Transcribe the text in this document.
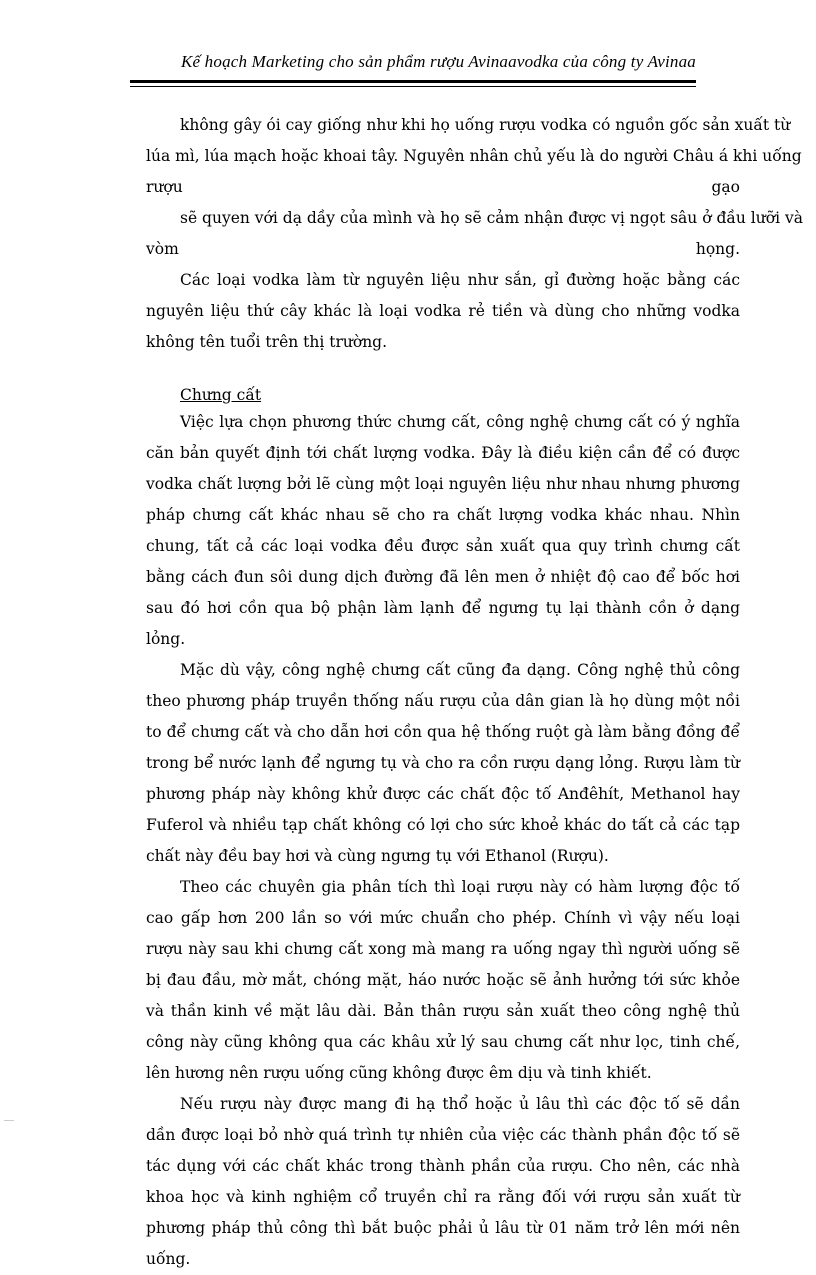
Kế hoạch Marketing cho sản phẩm rượu Avinaavodka của công ty Avinaa
không gây ói cay giống như khi họ uống rượu vodka có nguồn gốc sản xuất từ
lúa mì, lúa mạch hoặc khoai tây. Nguyên nhân chủ yếu là do người Châu á khi uống
rượu	gạo
sẽ quyen với dạ dầy của mình và họ sẽ cảm nhận được vị ngọt sâu ở đầu lưỡi và
vòm	họng.

Các loại vodka làm từ nguyên liệu như sắn, gỉ đường hoặc bằng các nguyên liệu thứ cây khác là loại vodka rẻ tiền và dùng cho những vodka không tên tuổi trên thị trường.

Chưng cất

Việc lựa chọn phương thức chưng cất, công nghệ chưng cất có ý nghĩa căn bản quyết định tới chất lượng vodka. Đây là điều kiện cần để có được vodka chất lượng bởi lẽ cùng một loại nguyên liệu như nhau nhưng phương pháp chưng cất khác nhau sẽ cho ra chất lượng vodka khác nhau. Nhìn chung, tất cả các loại vodka đều được sản xuất qua quy trình chưng cất bằng cách đun sôi dung dịch đường đã lên men ở nhiệt độ cao để bốc hơi sau đó hơi cồn qua bộ phận làm lạnh để ngưng tụ lại thành cồn ở dạng lỏng.

Mặc dù vậy, công nghệ chưng cất cũng đa dạng. Công nghệ thủ công theo phương pháp truyền thống nấu rượu của dân gian là họ dùng một nồi to để chưng cất và cho dẫn hơi cồn qua hệ thống ruột gà làm bằng đồng để trong bể nước lạnh để ngưng tụ và cho ra cồn rượu dạng lỏng. Rượu làm từ phương pháp này không khử được các chất độc tố Anđêhít, Methanol hay Fuferol và nhiều tạp chất không có lợi cho sức khoẻ khác do tất cả các tạp chất này đều bay hơi và cùng ngưng tụ với Ethanol (Rượu).

Theo các chuyên gia phân tích thì loại rượu này có hàm lượng độc tố cao gấp hơn 200 lần so với mức chuẩn cho phép. Chính vì vậy nếu loại rượu này sau khi chưng cất xong mà mang ra uống ngay thì người uống sẽ bị đau đầu, mờ mắt, chóng mặt, háo nước hoặc sẽ ảnh hưởng tới sức khỏe và thần kinh về mặt lâu dài. Bản thân rượu sản xuất theo công nghệ thủ công này cũng không qua các khâu xử lý sau chưng cất như lọc, tinh chế, lên hương nên rượu uống cũng không được êm dịu và tinh khiết.

Nếu rượu này được mang đi hạ thổ hoặc ủ lâu thì các độc tố sẽ dần dần được loại bỏ nhờ quá trình tự nhiên của việc các thành phần độc tố sẽ tác dụng với các chất khác trong thành phần của rượu. Cho nên, các nhà khoa học và kinh nghiệm cổ truyền chỉ ra rằng đối với rượu sản xuất từ phương pháp thủ công thì bắt buộc phải ủ lâu từ 01 năm trở lên mới nên uống.
